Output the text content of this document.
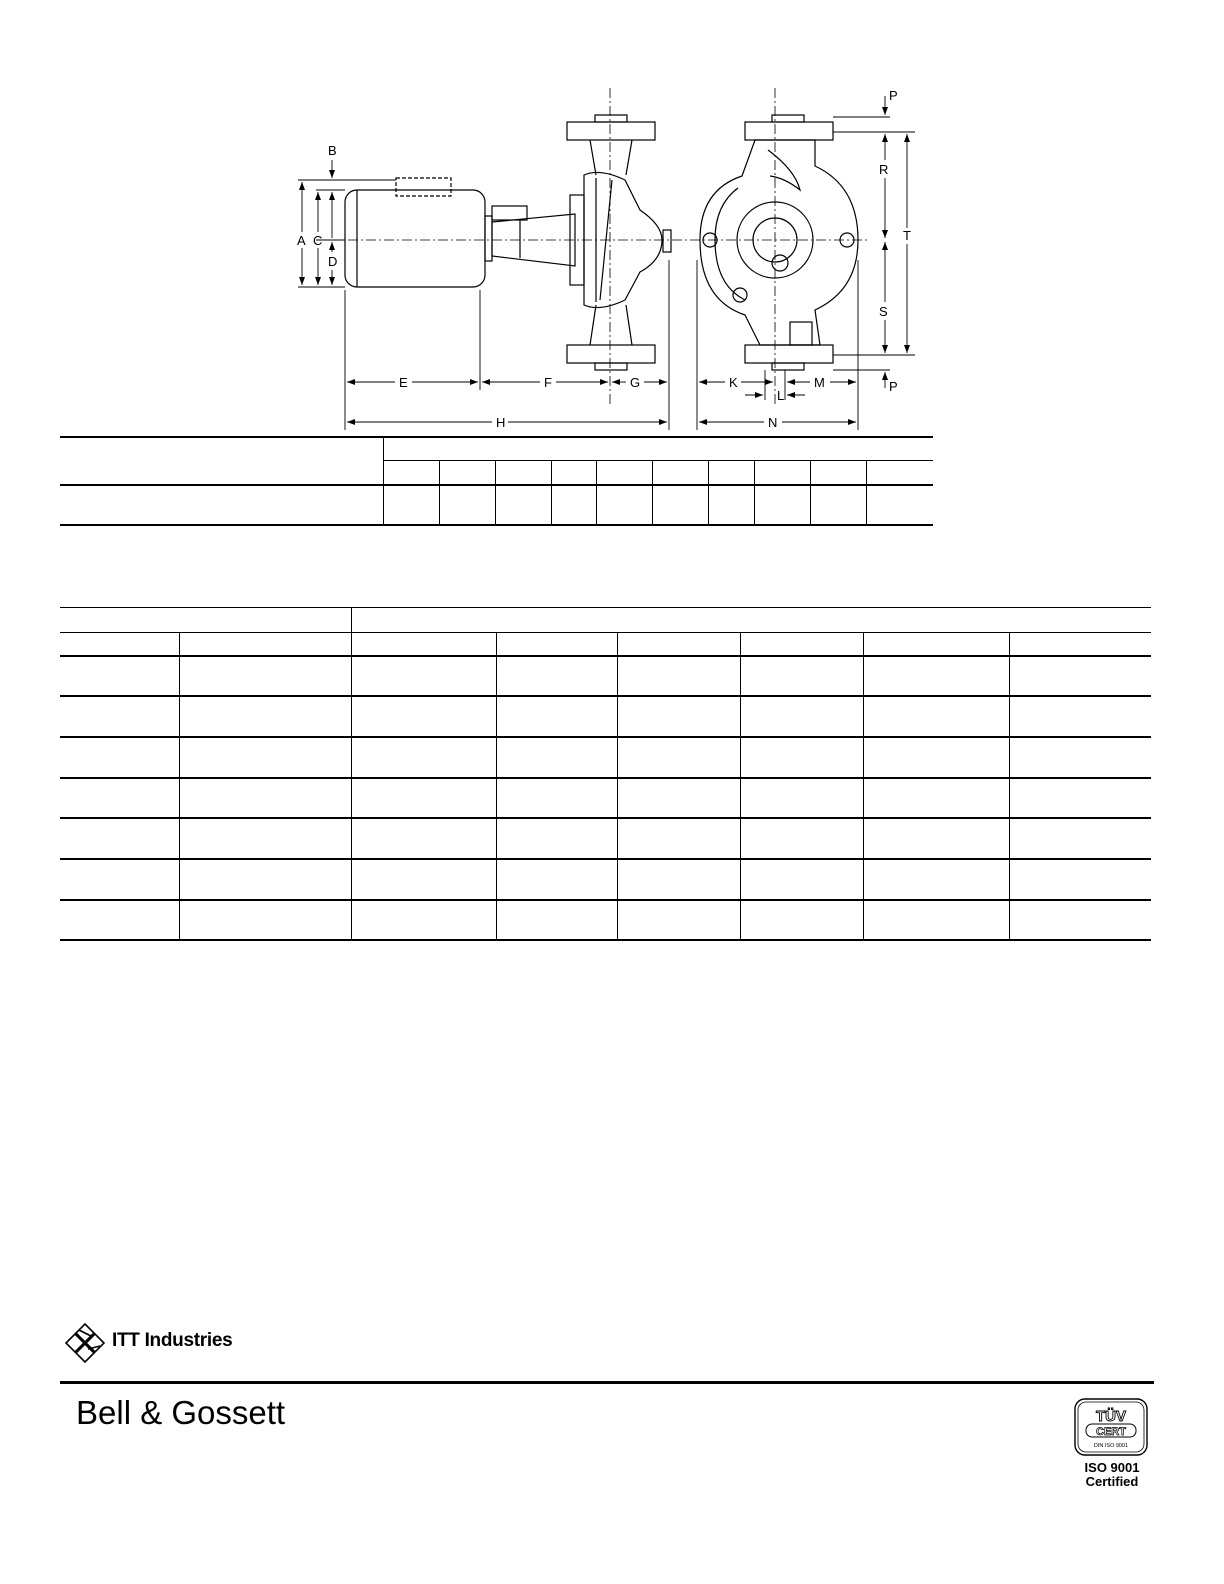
B
A C
D
E	F	G
H
K
L
M
N
P
P
R
S
T
ITT Industries
Bell & Gossett	TÜV
CERT
DIN ISO 9001
ISO 9001
Certified
